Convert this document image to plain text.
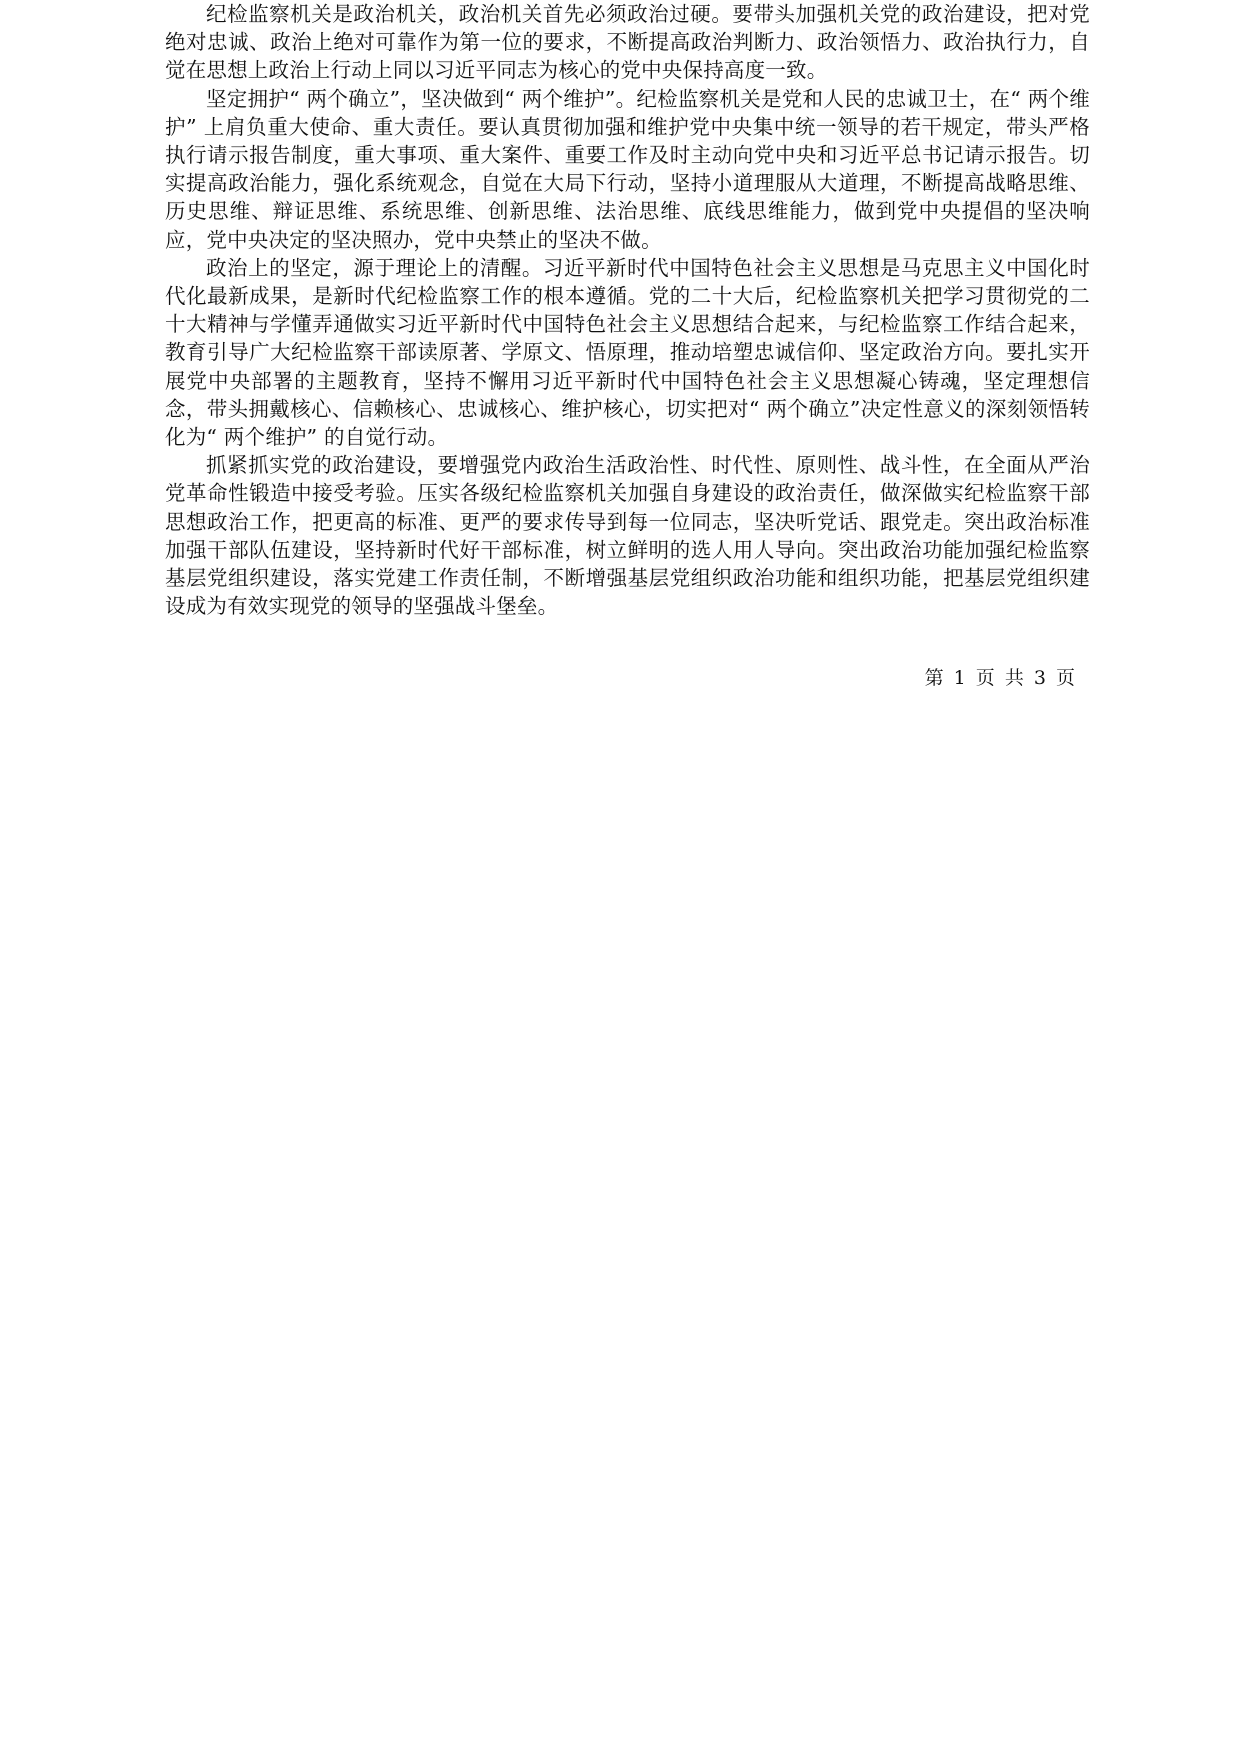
纪检监察机关是政治机关，政治机关首先必须政治过硬。要带头加强机关党的政治建设，把对党绝对忠诚、政治上绝对可靠作为第一位的要求，不断提高政治判断力、政治领悟力、政治执行力，自觉在思想上政治上行动上同以习近平同志为核心的党中央保持高度一致。

坚定拥护“ 两个确立”，坚决做到“ 两个维护”。纪检监察机关是党和人民的忠诚卫士，在“ 两个维护” 上肩负重大使命、重大责任。要认真贯彻加强和维护党中央集中统一领导的若干规定，带头严格执行请示报告制度，重大事项、重大案件、重要工作及时主动向党中央和习近平总书记请示报告。切实提高政治能力，强化系统观念，自觉在大局下行动，坚持小道理服从大道理，不断提高战略思维、历史思维、辩证思维、系统思维、创新思维、法治思维、底线思维能力，做到党中央提倡的坚决响应，党中央决定的坚决照办，党中央禁止的坚决不做。

政治上的坚定，源于理论上的清醒。习近平新时代中国特色社会主义思想是马克思主义中国化时代化最新成果，是新时代纪检监察工作的根本遵循。党的二十大后，纪检监察机关把学习贯彻党的二十大精神与学懂弄通做实习近平新时代中国特色社会主义思想结合起来，与纪检监察工作结合起来，教育引导广大纪检监察干部读原著、学原文、悟原理，推动培塑忠诚信仰、坚定政治方向。要扎实开展党中央部署的主题教育，坚持不懈用习近平新时代中国特色社会主义思想凝心铸魂，坚定理想信念，带头拥戴核心、信赖核心、忠诚核心、维护核心，切实把对“ 两个确立”决定性意义的深刻领悟转化为“ 两个维护” 的自觉行动。

抓紧抓实党的政治建设，要增强党内政治生活政治性、时代性、原则性、战斗性，在全面从严治党革命性锻造中接受考验。压实各级纪检监察机关加强自身建设的政治责任，做深做实纪检监察干部思想政治工作，把更高的标准、更严的要求传导到每一位同志，坚决听党话、跟党走。突出政治标准加强干部队伍建设，坚持新时代好干部标准，树立鲜明的选人用人导向。突出政治功能加强纪检监察基层党组织建设，落实党建工作责任制，不断增强基层党组织政治功能和组织功能，把基层党组织建设成为有效实现党的领导的坚强战斗堡垒。

第 1 页 共 3 页
